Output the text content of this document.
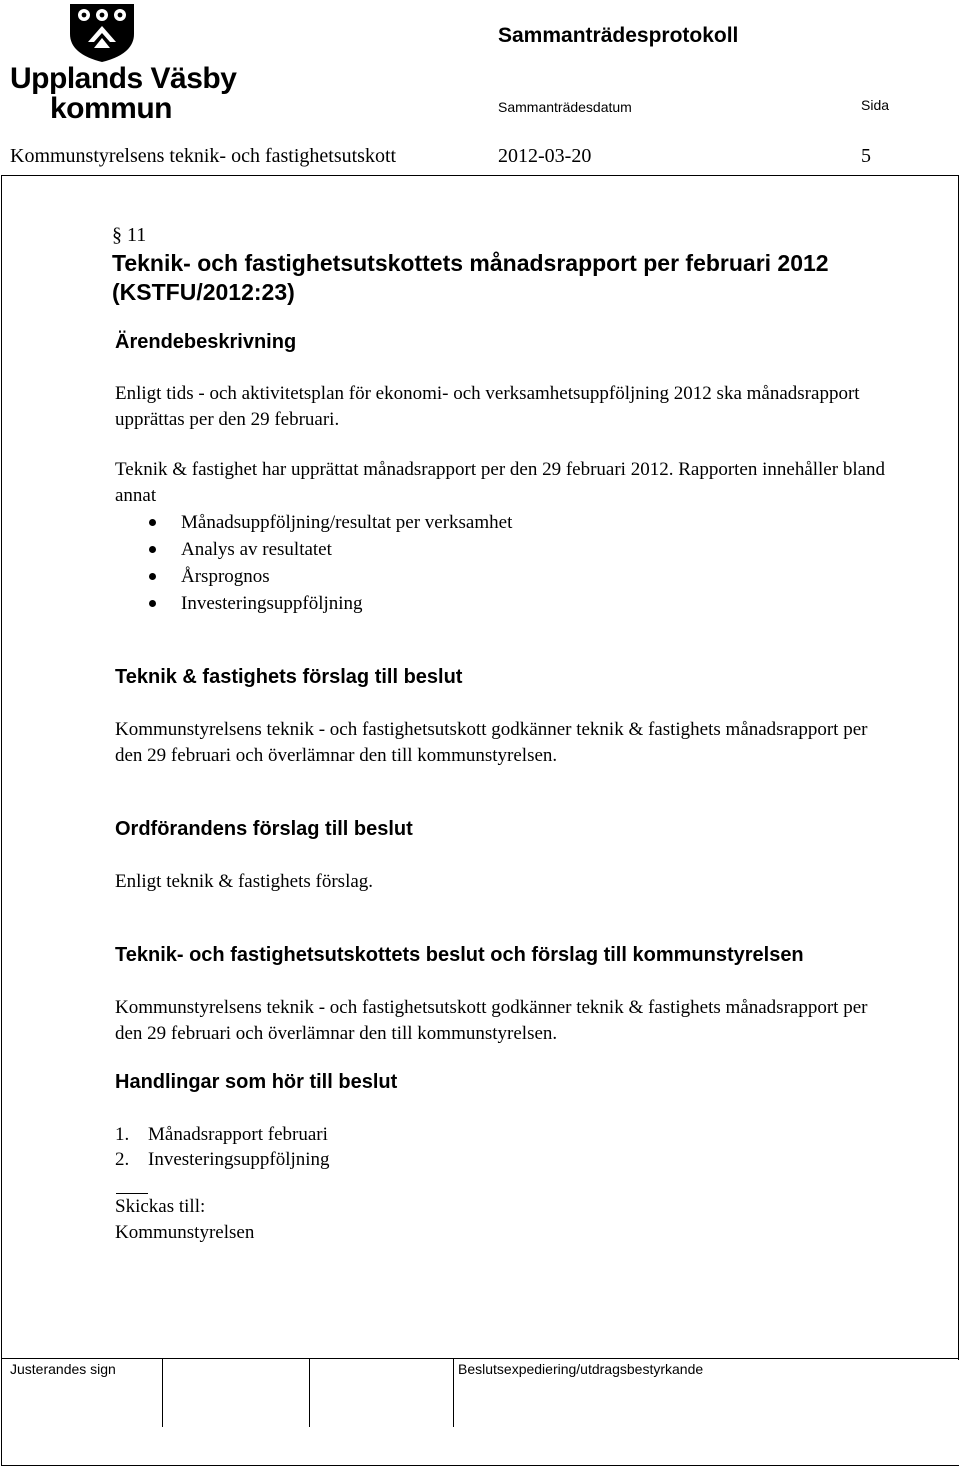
Upplands Väsby
kommun
Sammanträdesprotokoll
Sammanträdesdatum	Sida
Kommunstyrelsens teknik- och fastighetsutskott	2012-03-20	5
§ 11
Teknik- och fastighetsutskottets månadsrapport per februari 2012 (KSTFU/2012:23)
Ärendebeskrivning
Enligt tids - och aktivitetsplan för ekonomi- och verksamhetsuppföljning 2012 ska månadsrapport upprättas per den 29 februari.
Teknik & fastighet har upprättat månadsrapport per den 29 februari 2012. Rapporten innehåller bland annat
Månadsuppföljning/resultat per verksamhet
Analys av resultatet
Årsprognos
Investeringsuppföljning
Teknik & fastighets förslag till beslut
Kommunstyrelsens teknik - och fastighetsutskott godkänner teknik & fastighets månadsrapport per den 29 februari och överlämnar den till kommunstyrelsen.
Ordförandens förslag till beslut
Enligt teknik & fastighets förslag.
Teknik- och fastighetsutskottets beslut och förslag till kommunstyrelsen
Kommunstyrelsens teknik - och fastighetsutskott godkänner teknik & fastighets månadsrapport per den 29 februari och överlämnar den till kommunstyrelsen.
Handlingar som hör till beslut
1. Månadsrapport februari
2. Investeringsuppföljning
Skickas till:
Kommunstyrelsen
Justerandes sign	Beslutsexpediering/utdragsbestyrkande
